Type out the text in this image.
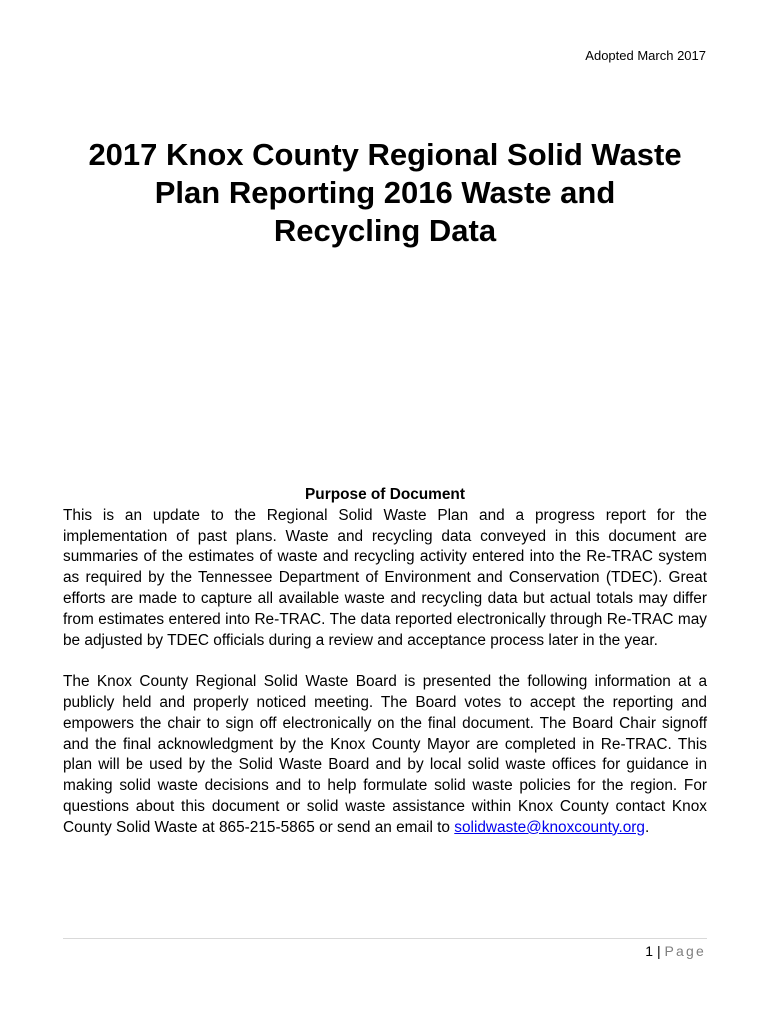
Adopted March 2017
2017 Knox County Regional Solid Waste
Plan Reporting 2016 Waste and
Recycling Data

Purpose of Document

This is an update to the Regional Solid Waste Plan and a progress report for the implementation of past plans. Waste and recycling data conveyed in this document are summaries of the estimates of waste and recycling activity entered into the Re-TRAC system as required by the Tennessee Department of Environment and Conservation (TDEC). Great efforts are made to capture all available waste and recycling data but actual totals may differ from estimates entered into Re-TRAC. The data reported electronically through Re-TRAC may be adjusted by TDEC officials during a review and acceptance process later in the year.

The Knox County Regional Solid Waste Board is presented the following information at a publicly held and properly noticed meeting. The Board votes to accept the reporting and empowers the chair to sign off electronically on the final document. The Board Chair signoff and the final acknowledgment by the Knox County Mayor are completed in Re-TRAC. This plan will be used by the Solid Waste Board and by local solid waste offices for guidance in making solid waste decisions and to help formulate solid waste policies for the region. For questions about this document or solid waste assistance within Knox County contact Knox County Solid Waste at 865-215-5865 or send an email to solidwaste@knoxcounty.org.

1 | Page
